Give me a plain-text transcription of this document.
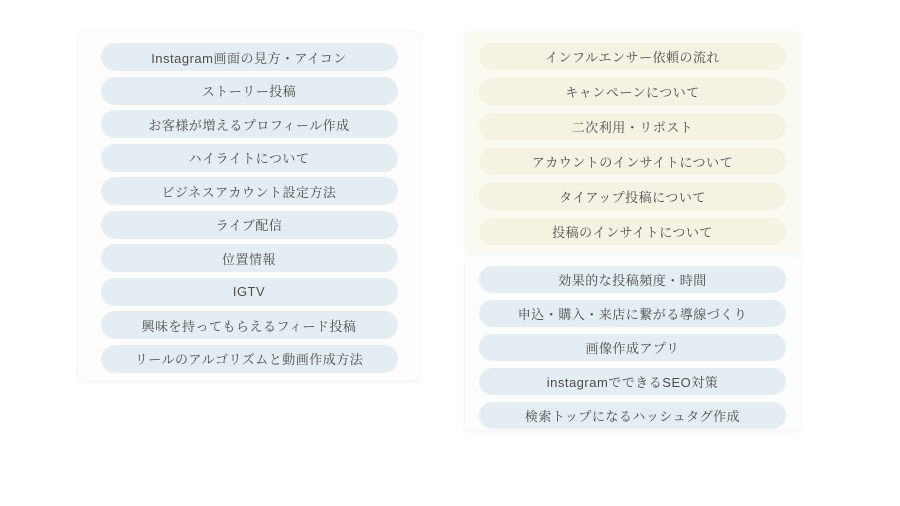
Instagram画面の見方・アイコン
ストーリー投稿
お客様が増えるプロフィール作成
ハイライトについて
ビジネスアカウント設定方法
ライブ配信
位置情報
IGTV
興味を持ってもらえるフィード投稿
リールのアルゴリズムと動画作成方法
インフルエンサー依頼の流れ
キャンペーンについて
二次利用・リポスト
アカウントのインサイトについて
タイアップ投稿について
投稿のインサイトについて
効果的な投稿頻度・時間
申込・購入・来店に繋がる導線づくり
画像作成アプリ
instagramでできるSEO対策
検索トップになるハッシュタグ作成
